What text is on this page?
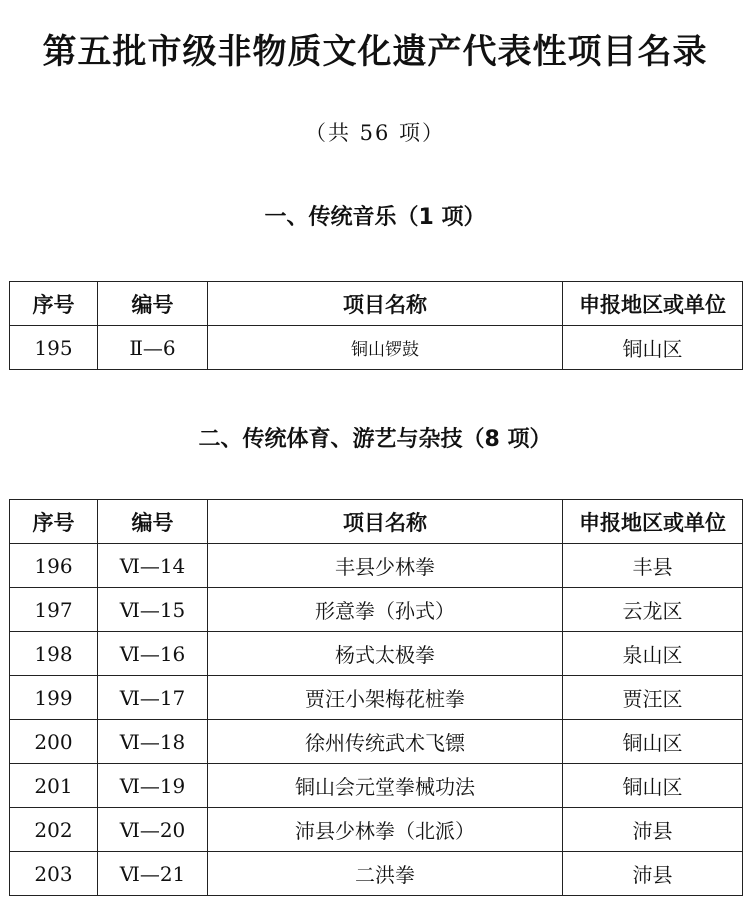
第五批市级非物质文化遗产代表性项目名录
（共 56 项）
一、传统音乐（1 项）
序号	编号	项目名称	申报地区或单位
195	Ⅱ—6	铜山锣鼓	铜山区
二、传统体育、游艺与杂技（8 项）
序号	编号	项目名称	申报地区或单位
196	Ⅵ—14	丰县少林拳	丰县
197	Ⅵ—15	形意拳（孙式）	云龙区
198	Ⅵ—16	杨式太极拳	泉山区
199	Ⅵ—17	贾汪小架梅花桩拳	贾汪区
200	Ⅵ—18	徐州传统武术飞镖	铜山区
201	Ⅵ—19	铜山会元堂拳械功法	铜山区
202	Ⅵ—20	沛县少林拳（北派）	沛县
203	Ⅵ—21	二洪拳	沛县
